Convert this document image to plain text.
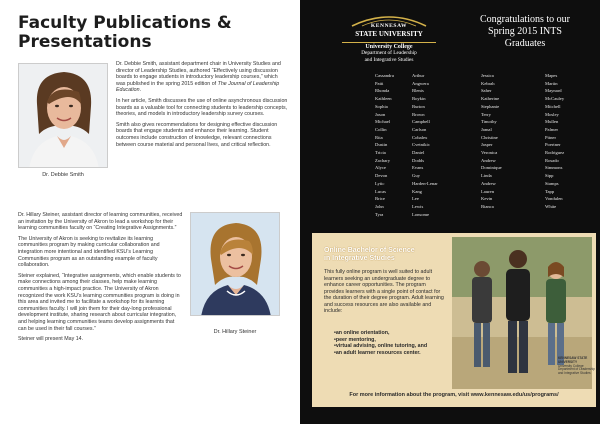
Faculty Publications & Presentations
Dr. Debbie Smith

Dr. Debbie Smith, assistant department chair in University Studies and director of Leadership Studies, authored “Effectively using discussion boards to engage students in introductory leadership courses,” which was published in the spring 2015 edition of The Journal of Leadership Education.

In her article, Smith discusses the use of online asynchronous discussion boards as a valuable tool for connecting students to leadership concepts, theories, and models in introductory leadership survey courses.

Smith also gives recommendations for designing effective discussion boards that engage students and enhance their learning. Student outcomes include construction of knowledge, relevant connections between course material and personal lives, and critical reflection.

Dr. Hillary Steiner, assistant director of learning communities, received an invitation by the University of Akron to lead a workshop for their learning communities faculty on “Creating Integrative Assignments.”

The University of Akron is seeking to revitalize its learning communities program by making curricular collaboration and integration more intentional and identified KSU’s Learning Communities program as an outstanding example of faculty collaboration.

Steiner explained, “Integrative assignments, which enable students to make connections among their classes, help make learning communities a high-impact practice. The University of Akron recognized the work KSU’s learning communities program is doing in this area and invited me to facilitate a workshop for its learning communities faculty. I will join them for their day-long professional development institute, sharing research about curricular integration, and helping learning communities teams develop assignments that can be used in their fall courses.”

Steiner will present May 14.

Dr. Hillary Steiner
KENNESAW
STATE UNIVERSITY
University College
Department of Leadership
and Integrative Studies
Congratulations to our
Spring 2015 INTS
Graduates
Cassandra
Patti
Rhonda
Kathleen
Sophia
Jason
Michael
Collin
Rita
Dustin
Tricia
Zachary
Alyce
Devon
Lytic
Lucas
Brice
John
Tyra
Arthur
Angwera
Blenis
Boykin
Burton
Brown
Campbell
Carlson
Cobalex
Cvetnikic
Daniel
Dodds
Evans
Guy
Harden-Lenar
Kang
Lee
Lewis
Lonsome
Jessica
Kebrah
Saher
Katherine
Stephanie
Terry
Timothy
Jamal
Christine
Jasper
Veronica
Andrew
Dominique
Linda
Andrew
Lauren
Kevin
Bianca
Mapes
Martin
Maynard
McCauley
Mitchell
Mosley
Mullen
Palmer
Pitner
Poertner
Rodriguez
Rosado
Simmons
Sipp
Stamps
Tapp
Vondulen
White
Online Bachelor of Science
in Integrative Studies
This fully online program is well suited to adult learners seeking an undergraduate degree to enhance career opportunities. The program provides learners with a single point of contact for the duration of their degree program. Adult learning and success resources are also available and include:
• an online orientation,
• peer mentoring,
• virtual advising, online tutoring, and
• an adult learner resources center.
KENNESAW STATE UNIVERSITY
University College
Department of Leadership and Integrative Studies
For more information about the program, visit www.kennesaw.edu/us/programs/
